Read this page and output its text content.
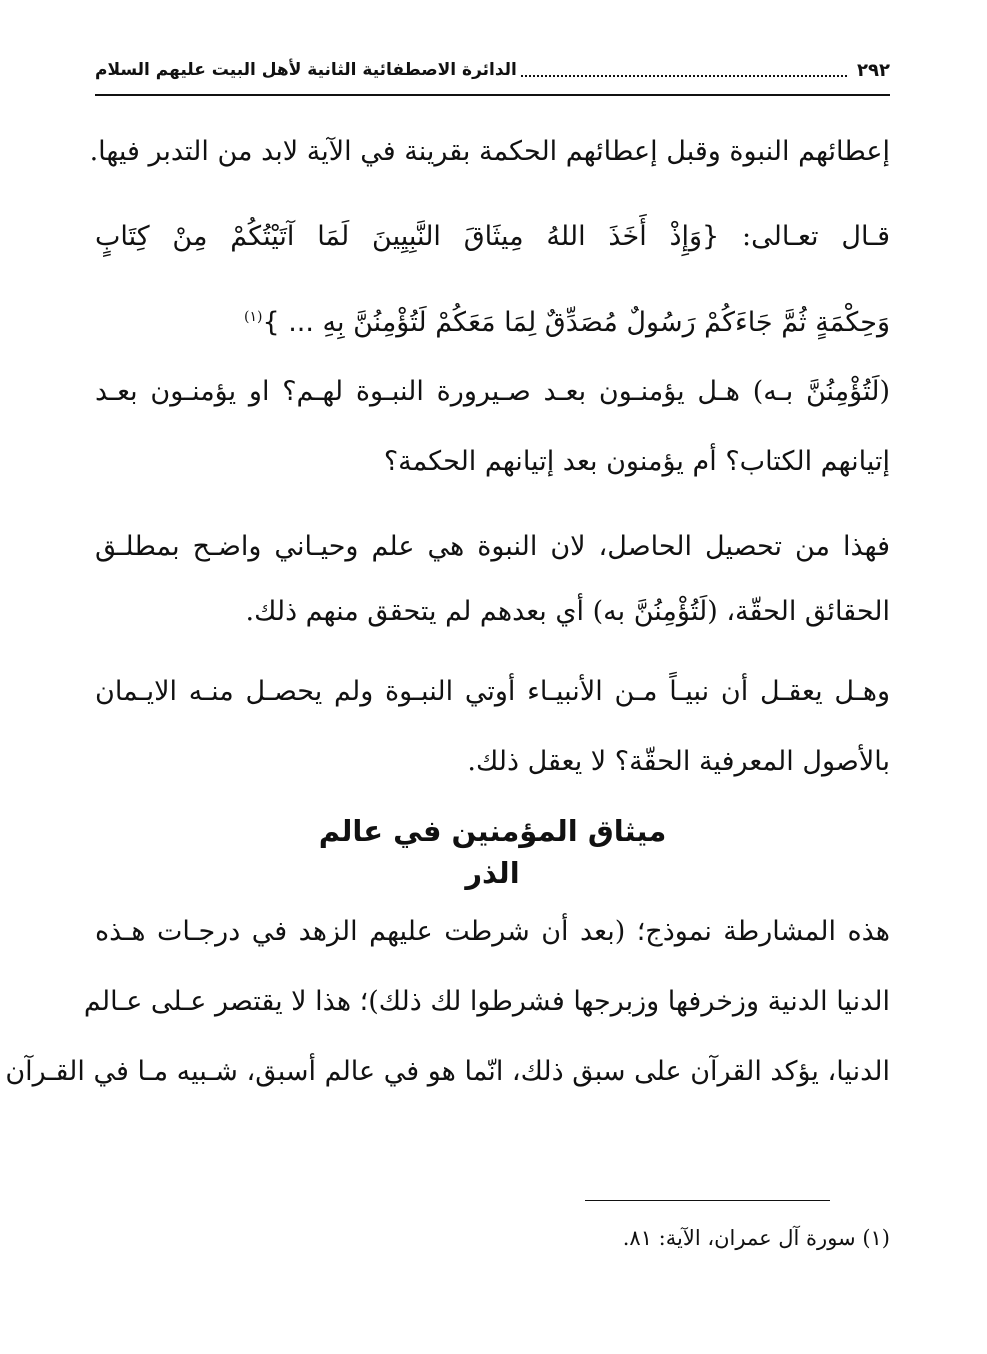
٢٩٢
الدائرة الاصطفائية الثانية لأهل البيت عليهم السلام
إعطائهم النبوة وقبل إعطائهم الحكمة بقرينة في الآية لابد من التدبر فيها.
قـال تعـالى: {وَإِذْ أَخَذَ اللهُ مِيثَاقَ النَّبِيِينَ لَمَا آتَيْتُكُمْ مِنْ كِتَابٍ
وَحِكْمَةٍ ثُمَّ جَاءَكُمْ رَسُولٌ مُصَدِّقٌ لِمَا مَعَكُمْ لَتُؤْمِنُنَّ بِهِ ... }$^{(١)}$
(لَتُؤْمِنُنَّ بـه) هـل يؤمنـون بعـد صـيرورة النبـوة لهـم؟ او يؤمنـون بعـد
إتيانهم الكتاب؟ أم يؤمنون بعد إتيانهم الحكمة؟
فهذا من تحصيل الحاصل، لان النبوة هي علم وحيـاني واضـح بمطلـق
الحقائق الحقّة، (لَتُؤْمِنُنَّ به) أي بعدهم لم يتحقق منهم ذلك.
وهـل يعقـل أن نبيـاً مـن الأنبيـاء أوتي النبـوة ولم يحصـل منـه الايـمان
بالأصول المعرفية الحقّة؟ لا يعقل ذلك.
ميثاق المؤمنين في عالم
الذر
هذه المشارطة نموذج؛ (بعد أن شرطت عليهم الزهد في درجـات هـذه
الدنيا الدنية وزخرفها وزبرجها فشرطوا لك ذلك)؛ هذا لا يقتصر عـلى عـالم
الدنيا، يؤكد القرآن على سبق ذلك، انّما هو في عالم أسبق، شـبيه مـا في القـرآن
(١) سورة آل عمران، الآية: ٨١.
